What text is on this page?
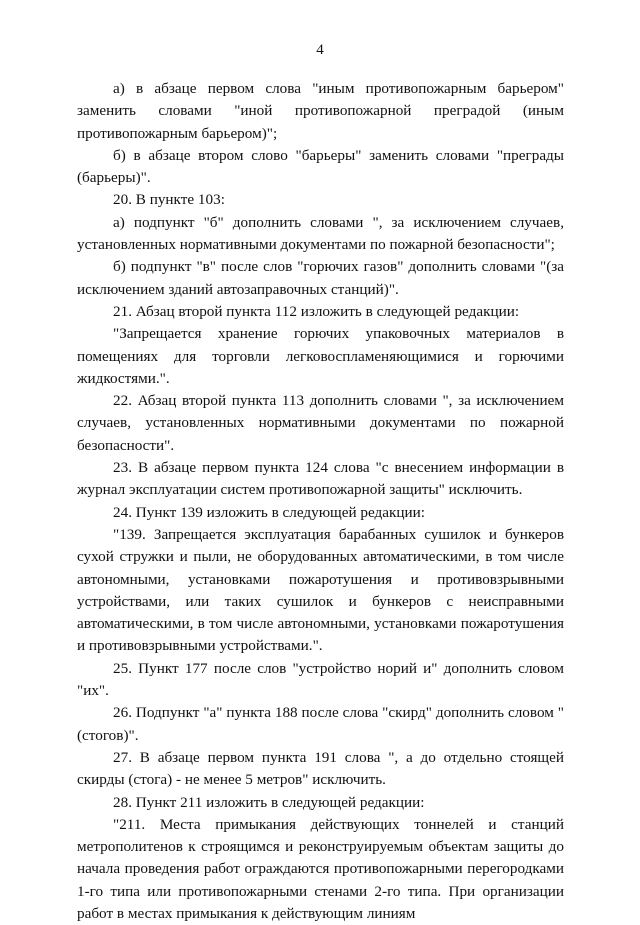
4

а) в абзаце первом слова "иным противопожарным барьером" заменить словами "иной противопожарной преградой (иным противопожарным барьером)";

б) в абзаце втором слово "барьеры" заменить словами "преграды (барьеры)".

20. В пункте 103:

а) подпункт "б" дополнить словами ", за исключением случаев, установленных нормативными документами по пожарной безопасности";

б) подпункт "в" после слов "горючих газов" дополнить словами "(за исключением зданий автозаправочных станций)".

21. Абзац второй пункта 112 изложить в следующей редакции:

"Запрещается хранение горючих упаковочных материалов в помещениях для торговли легковоспламеняющимися и горючими жидкостями.".

22. Абзац второй пункта 113 дополнить словами ", за исключением случаев, установленных нормативными документами по пожарной безопасности".

23. В абзаце первом пункта 124 слова "с внесением информации в журнал эксплуатации систем противопожарной защиты" исключить.

24. Пункт 139 изложить в следующей редакции:

"139. Запрещается эксплуатация барабанных сушилок и бункеров сухой стружки и пыли, не оборудованных автоматическими, в том числе автономными, установками пожаротушения и противовзрывными устройствами, или таких сушилок и бункеров с неисправными автоматическими, в том числе автономными, установками пожаротушения и противовзрывными устройствами.".

25. Пункт 177 после слов "устройство норий и" дополнить словом "их".

26. Подпункт "а" пункта 188 после слова "скирд" дополнить словом "(стогов)".

27. В абзаце первом пункта 191 слова ", а до отдельно стоящей скирды (стога) - не менее 5 метров" исключить.

28. Пункт 211 изложить в следующей редакции:

"211. Места примыкания действующих тоннелей и станций метрополитенов к строящимся и реконструируемым объектам защиты до начала проведения работ ограждаются противопожарными перегородками 1-го типа или противопожарными стенами 2-го типа. При организации работ в местах примыкания к действующим линиям
